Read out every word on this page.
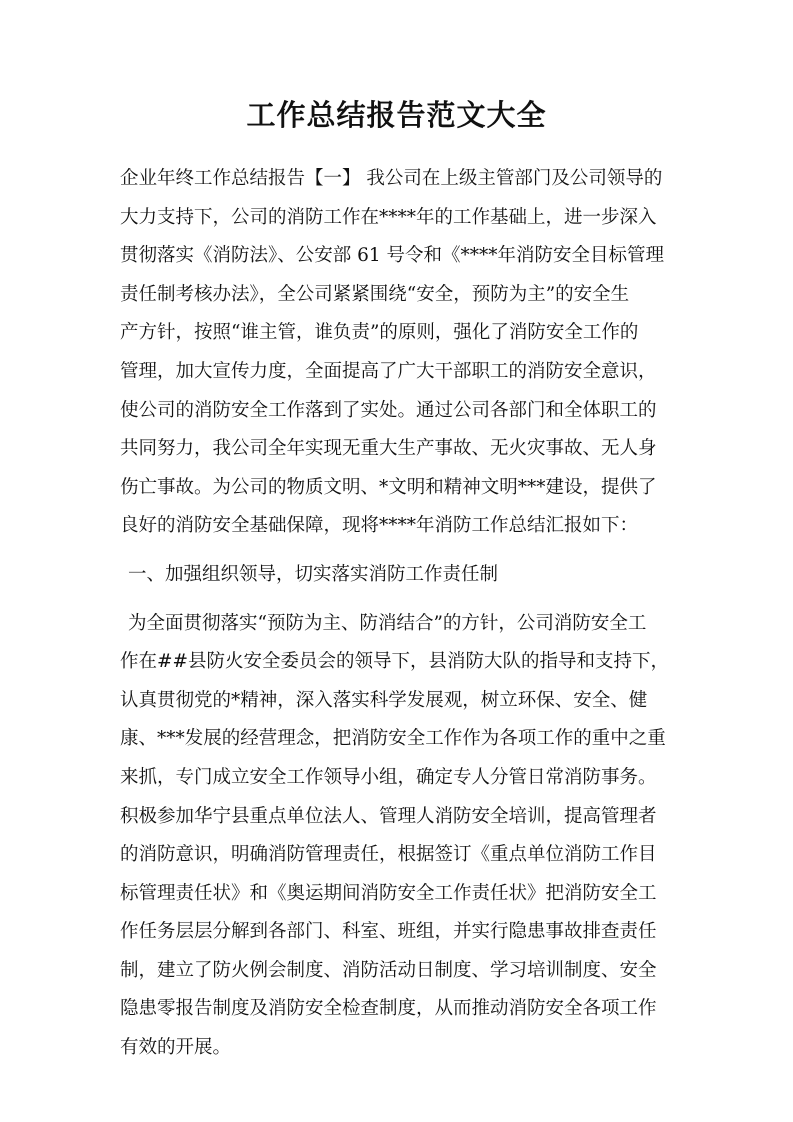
工作总结报告范文大全
企业年终工作总结报告【一】 我公司在上级主管部门及公司领导的
大力支持下，公司的消防工作在****年的工作基础上，进一步深入
贯彻落实《消防法》、公安部 61 号令和《****年消防安全目标管理
责任制考核办法》，全公司紧紧围绕“安全，预防为主”的安全生
产方针，按照“谁主管，谁负责”的原则，强化了消防安全工作的
管理，加大宣传力度，全面提高了广大干部职工的消防安全意识，
使公司的消防安全工作落到了实处。通过公司各部门和全体职工的
共同努力，我公司全年实现无重大生产事故、无火灾事故、无人身
伤亡事故。为公司的物质文明、*文明和精神文明***建设，提供了
良好的消防安全基础保障，现将****年消防工作总结汇报如下：
一、加强组织领导，切实落实消防工作责任制
为全面贯彻落实“预防为主、防消结合”的方针，公司消防安全工
作在##县防火安全委员会的领导下，县消防大队的指导和支持下，
认真贯彻党的*精神，深入落实科学发展观，树立环保、安全、健
康、***发展的经营理念，把消防安全工作作为各项工作的重中之重
来抓，专门成立安全工作领导小组，确定专人分管日常消防事务。
积极参加华宁县重点单位法人、管理人消防安全培训，提高管理者
的消防意识，明确消防管理责任，根据签订《重点单位消防工作目
标管理责任状》和《奥运期间消防安全工作责任状》把消防安全工
作任务层层分解到各部门、科室、班组，并实行隐患事故排查责任
制，建立了防火例会制度、消防活动日制度、学习培训制度、安全
隐患零报告制度及消防安全检查制度，从而推动消防安全各项工作
有效的开展。
